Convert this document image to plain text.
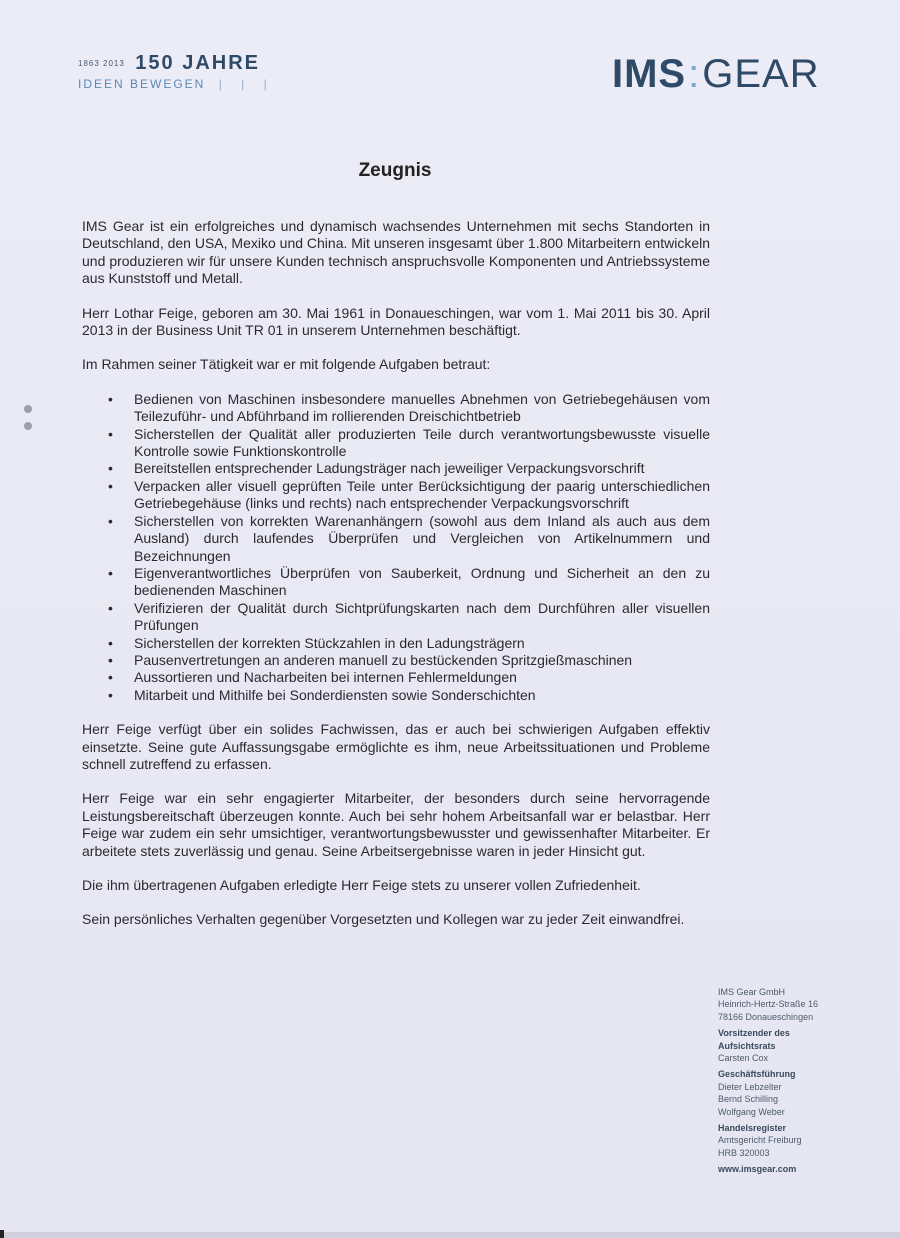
1863 2013 150 JAHRE
IDEEN BEWEGEN | | |	IMS:GEAR
Zeugnis

IMS Gear ist ein erfolgreiches und dynamisch wachsendes Unternehmen mit sechs Standorten in Deutschland, den USA, Mexiko und China. Mit unseren insgesamt über 1.800 Mitarbeitern entwickeln und produzieren wir für unsere Kunden technisch anspruchsvolle Komponenten und Antriebssysteme aus Kunststoff und Metall.

Herr Lothar Feige, geboren am 30. Mai 1961 in Donaueschingen, war vom 1. Mai 2011 bis 30. April 2013 in der Business Unit TR 01 in unserem Unternehmen beschäftigt.

Im Rahmen seiner Tätigkeit war er mit folgende Aufgaben betraut:

• Bedienen von Maschinen insbesondere manuelles Abnehmen von Getriebegehäusen vom Teilezuführ- und Abführband im rollierenden Dreischichtbetrieb
• Sicherstellen der Qualität aller produzierten Teile durch verantwortungsbewusste visuelle Kontrolle sowie Funktionskontrolle
• Bereitstellen entsprechender Ladungsträger nach jeweiliger Verpackungsvorschrift
• Verpacken aller visuell geprüften Teile unter Berücksichtigung der paarig unterschiedlichen Getriebegehäuse (links und rechts) nach entsprechender Verpackungsvorschrift
• Sicherstellen von korrekten Warenanhängern (sowohl aus dem Inland als auch aus dem Ausland) durch laufendes Überprüfen und Vergleichen von Artikelnummern und Bezeichnungen
• Eigenverantwortliches Überprüfen von Sauberkeit, Ordnung und Sicherheit an den zu bedienenden Maschinen
• Verifizieren der Qualität durch Sichtprüfungskarten nach dem Durchführen aller visuellen Prüfungen
• Sicherstellen der korrekten Stückzahlen in den Ladungsträgern
• Pausenvertretungen an anderen manuell zu bestückenden Spritzgießmaschinen
• Aussortieren und Nacharbeiten bei internen Fehlermeldungen
• Mitarbeit und Mithilfe bei Sonderdiensten sowie Sonderschichten

Herr Feige verfügt über ein solides Fachwissen, das er auch bei schwierigen Aufgaben effektiv einsetzte. Seine gute Auffassungsgabe ermöglichte es ihm, neue Arbeitssituationen und Probleme schnell zutreffend zu erfassen.

Herr Feige war ein sehr engagierter Mitarbeiter, der besonders durch seine hervorragende Leistungsbereitschaft überzeugen konnte. Auch bei sehr hohem Arbeitsanfall war er belastbar. Herr Feige war zudem ein sehr umsichtiger, verantwortungsbewusster und gewissenhafter Mitarbeiter. Er arbeitete stets zuverlässig und genau. Seine Arbeitsergebnisse waren in jeder Hinsicht gut.

Die ihm übertragenen Aufgaben erledigte Herr Feige stets zu unserer vollen Zufriedenheit.

Sein persönliches Verhalten gegenüber Vorgesetzten und Kollegen war zu jeder Zeit einwandfrei.

IMS Gear GmbH
Heinrich-Hertz-Straße 16
78166 Donaueschingen
Vorsitzender des
Aufsichtsrats
Carsten Cox
Geschäftsführung
Dieter Lebzelter
Bernd Schilling
Wolfgang Weber
Handelsregister
Amtsgericht Freiburg
HRB 320003
www.imsgear.com
